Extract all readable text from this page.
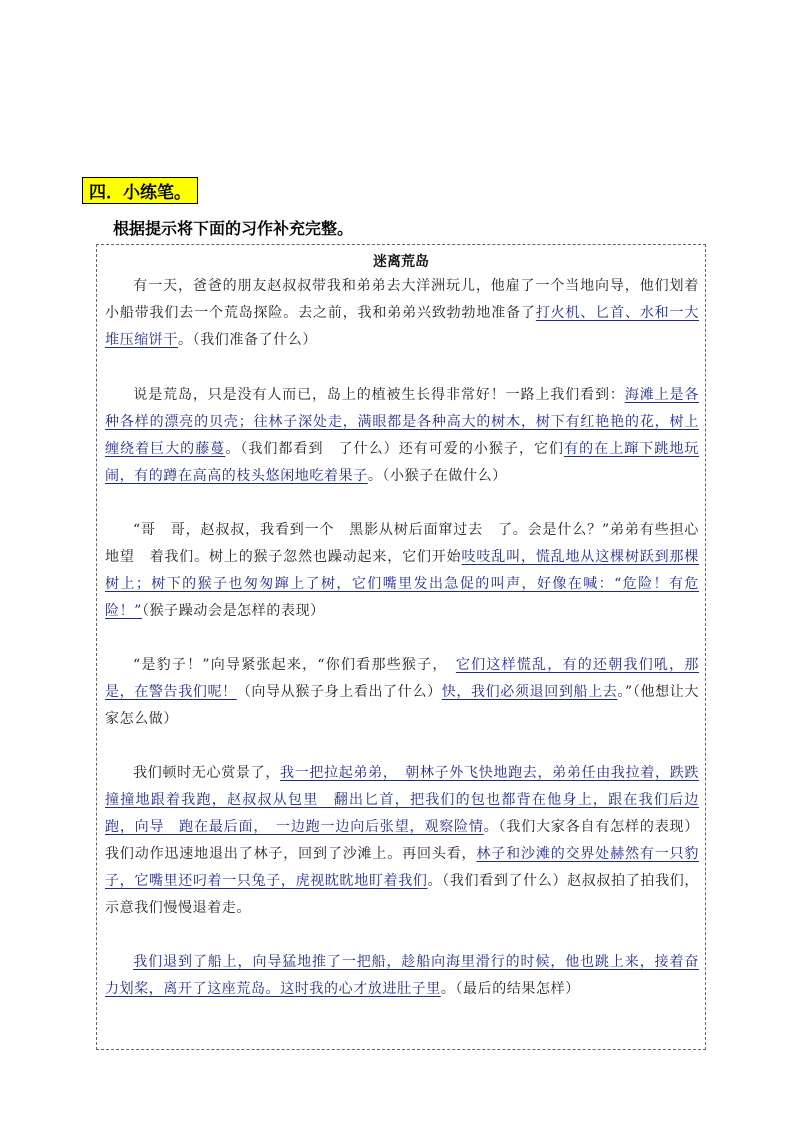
四．小练笔。
根据提示将下面的习作补充完整。
迷离荒岛

有一天，爸爸的朋友赵叔叔带我和弟弟去大洋洲玩儿，他雇了一个当地向导，他们划着小船带我们去一个荒岛探险。去之前，我和弟弟兴致勃勃地准备了打火机、匕首、水和一大堆压缩饼干。（我们准备了什么）

说是荒岛，只是没有人而已，岛上的植被生长得非常好！一路上我们看到：海滩上是各种各样的漂亮的贝壳；往林子深处走，满眼都是各种高大的树木，树下有红艳艳的花，树上缠绕着巨大的藤蔓。（我们都看到　了什么）还有可爱的小猴子，它们有的在上蹿下跳地玩闹，有的蹲在高高的枝头悠闲地吃着果子。（小猴子在做什么）

“哥　哥，赵叔叔，我看到一个　黑影从树后面窜过去　了。会是什么？”弟弟有些担心地望　着我们。树上的猴子忽然也躁动起来，它们开始吱吱乱叫，慌乱地从这棵树跃到那棵树上；树下的猴子也匆匆蹿上了树，它们嘴里发出急促的叫声，好像在喊：“危险！有危险！”（猴子躁动会是怎样的表现）

“是豹子！”向导紧张起来，“你们看那些猴子，　它们这样慌乱，有的还朝我们吼，那是，在警告我们呢！（向导从猴子身上看出了什么）快，我们必须退回到船上去。”（他想让大家怎么做）

我们顿时无心赏景了，我一把拉起弟弟，　朝林子外飞快地跑去，弟弟任由我拉着，跌跌撞撞地跟着我跑，赵叔叔从包里　翻出匕首，把我们的包也都背在他身上，跟在我们后边跑，向导　跑在最后面，　一边跑一边向后张望，观察险情。（我们大家各自有怎样的表现）我们动作迅速地退出了林子，回到了沙滩上。再回头看，林子和沙滩的交界处赫然有一只豹子，它嘴里还叼着一只兔子，虎视眈眈地盯着我们。（我们看到了什么）赵叔叔拍了拍我们，示意我们慢慢退着走。

我们退到了船上，向导猛地推了一把船，趁船向海里滑行的时候，他也跳上来，接着奋力划桨，离开了这座荒岛。这时我的心才放进肚子里。（最后的结果怎样）
